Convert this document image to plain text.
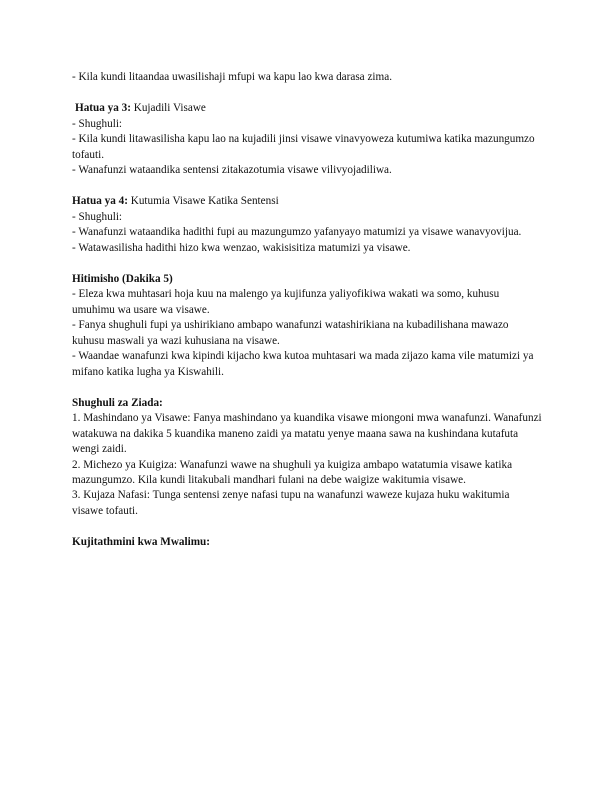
- Kila kundi litaandaa uwasilishaji mfupi wa kapu lao kwa darasa zima.
Hatua ya 3: Kujadili Visawe
- Shughuli:
- Kila kundi litawasilisha kapu lao na kujadili jinsi visawe vinavyoweza kutumiwa katika mazungumzo tofauti.
- Wanafunzi wataandika sentensi zitakazotumia visawe vilivyojadiliwa.
Hatua ya 4: Kutumia Visawe Katika Sentensi
- Shughuli:
- Wanafunzi wataandika hadithi fupi au mazungumzo yafanyayo matumizi ya visawe wanavyovijua.
- Watawasilisha hadithi hizo kwa wenzao, wakisisitiza matumizi ya visawe.
Hitimisho (Dakika 5)
- Eleza kwa muhtasari hoja kuu na malengo ya kujifunza yaliyofikiwa wakati wa somo, kuhusu umuhimu wa usare wa visawe.
- Fanya shughuli fupi ya ushirikiano ambapo wanafunzi watashirikiana na kubadilishana mawazo kuhusu maswali ya wazi kuhusiana na visawe.
- Waandae wanafunzi kwa kipindi kijacho kwa kutoa muhtasari wa mada zijazo kama vile matumizi ya mifano katika lugha ya Kiswahili.
Shughuli za Ziada:
1. Mashindano ya Visawe: Fanya mashindano ya kuandika visawe miongoni mwa wanafunzi. Wanafunzi watakuwa na dakika 5 kuandika maneno zaidi ya matatu yenye maana sawa na kushindana kutafuta wengi zaidi.
2. Michezo ya Kuigiza: Wanafunzi wawe na shughuli ya kuigiza ambapo watatumia visawe katika mazungumzo. Kila kundi litakubali mandhari fulani na debe waigize wakitumia visawe.
3. Kujaza Nafasi: Tunga sentensi zenye nafasi tupu na wanafunzi waweze kujaza huku wakitumia visawe tofauti.
Kujitathmini kwa Mwalimu:
